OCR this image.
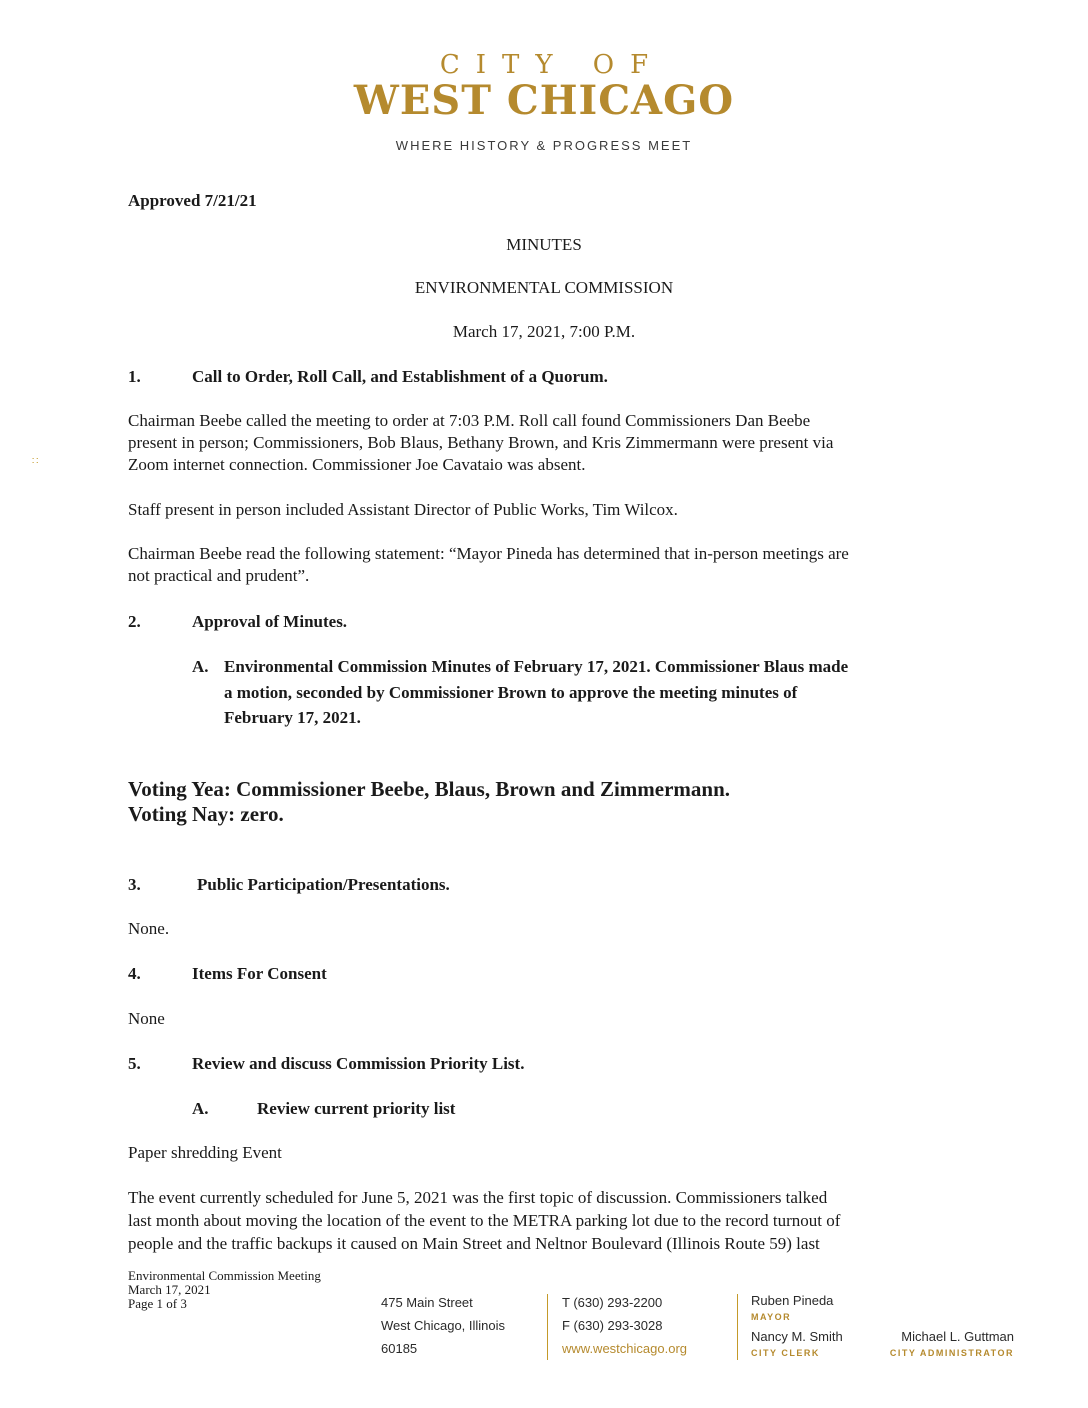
CITY OF
WEST CHICAGO
WHERE HISTORY & PROGRESS MEET
∷
Approved 7/21/21
MINUTES
ENVIRONMENTAL COMMISSION
March 17, 2021, 7:00 P.M.
1.	Call to Order, Roll Call, and Establishment of a Quorum.
Chairman Beebe called the meeting to order at 7:03 P.M. Roll call found Commissioners Dan Beebe
present in person; Commissioners, Bob Blaus, Bethany Brown, and Kris Zimmermann were present via
Zoom internet connection. Commissioner Joe Cavataio was absent.
Staff present in person included Assistant Director of Public Works, Tim Wilcox.
Chairman Beebe read the following statement: “Mayor Pineda has determined that in-person meetings are
not practical and prudent”.
2.	Approval of Minutes.
A. Environmental Commission Minutes of February 17, 2021. Commissioner Blaus made
a motion, seconded by Commissioner Brown to approve the meeting minutes of
February 17, 2021.
Voting Yea: Commissioner Beebe, Blaus, Brown and Zimmermann.
Voting Nay: zero.
3.	Public Participation/Presentations.
None.
4.	Items For Consent
None
5.	Review and discuss Commission Priority List.
A.	Review current priority list
Paper shredding Event
The event currently scheduled for June 5, 2021 was the first topic of discussion. Commissioners talked
last month about moving the location of the event to the METRA parking lot due to the record turnout of
people and the traffic backups it caused on Main Street and Neltnor Boulevard (Illinois Route 59) last
Environmental Commission Meeting
March 17, 2021
Page 1 of 3	475 Main Street
West Chicago, Illinois
60185
T (630) 293-2200
F (630) 293-3028
www.westchicago.org
Ruben Pineda
MAYOR
Nancy M. Smith
CITY CLERK
Michael L. Guttman
CITY ADMINISTRATOR
